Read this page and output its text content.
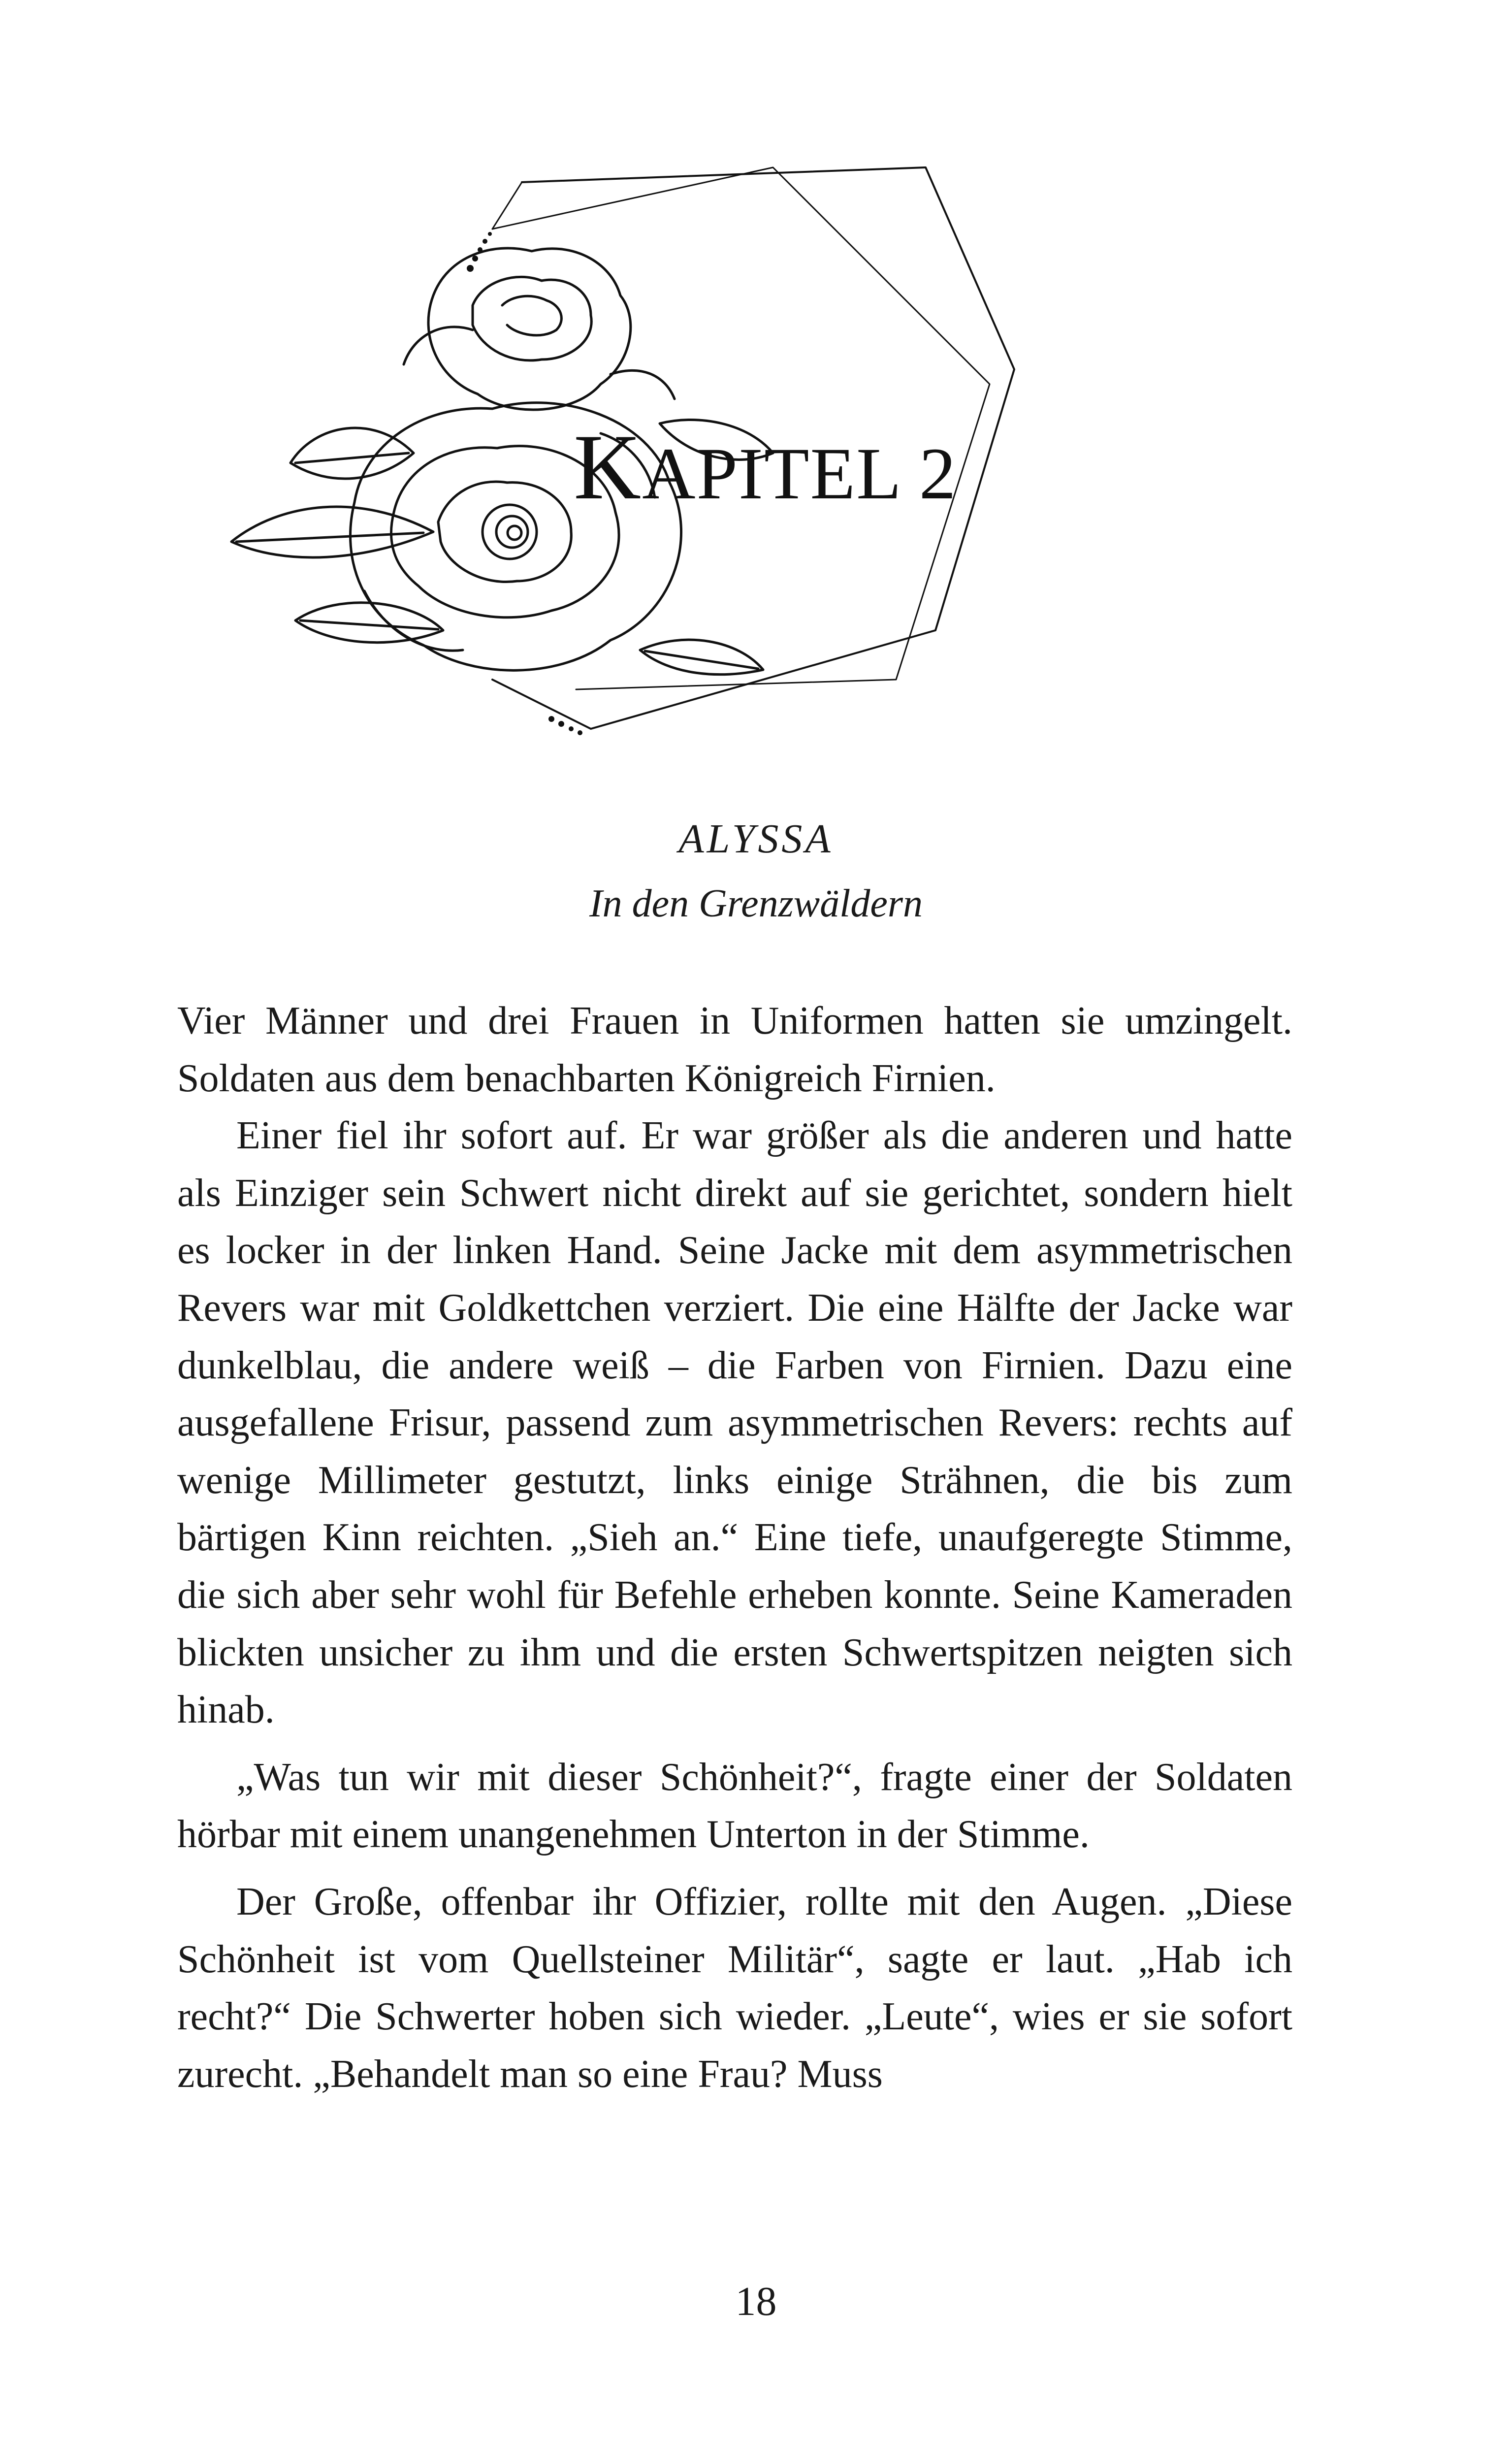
KAPITEL 2
ALYSSA
In den Grenzwäldern

Vier Männer und drei Frauen in Uniformen hatten sie umzingelt. Soldaten aus dem benachbarten Königreich Firnien.

Einer fiel ihr sofort auf. Er war größer als die anderen und hatte als Einziger sein Schwert nicht direkt auf sie gerichtet, sondern hielt es locker in der linken Hand. Seine Jacke mit dem asymmetrischen Revers war mit Goldkettchen verziert. Die eine Hälfte der Jacke war dunkelblau, die andere weiß – die Farben von Firnien. Dazu eine ausgefallene Frisur, passend zum asymmetrischen Revers: rechts auf wenige Millimeter gestutzt, links einige Strähnen, die bis zum bärtigen Kinn reichten. „Sieh an.“ Eine tiefe, unaufgeregte Stimme, die sich aber sehr wohl für Befehle erheben konnte. Seine Kameraden blickten unsicher zu ihm und die ersten Schwertspitzen neigten sich hinab.

„Was tun wir mit dieser Schönheit?“, fragte einer der Soldaten hörbar mit einem unangenehmen Unterton in der Stimme.

Der Große, offenbar ihr Offizier, rollte mit den Augen. „Diese Schönheit ist vom Quellsteiner Militär“, sagte er laut. „Hab ich recht?“ Die Schwerter hoben sich wieder. „Leute“, wies er sie sofort zurecht. „Behandelt man so eine Frau? Muss

18
